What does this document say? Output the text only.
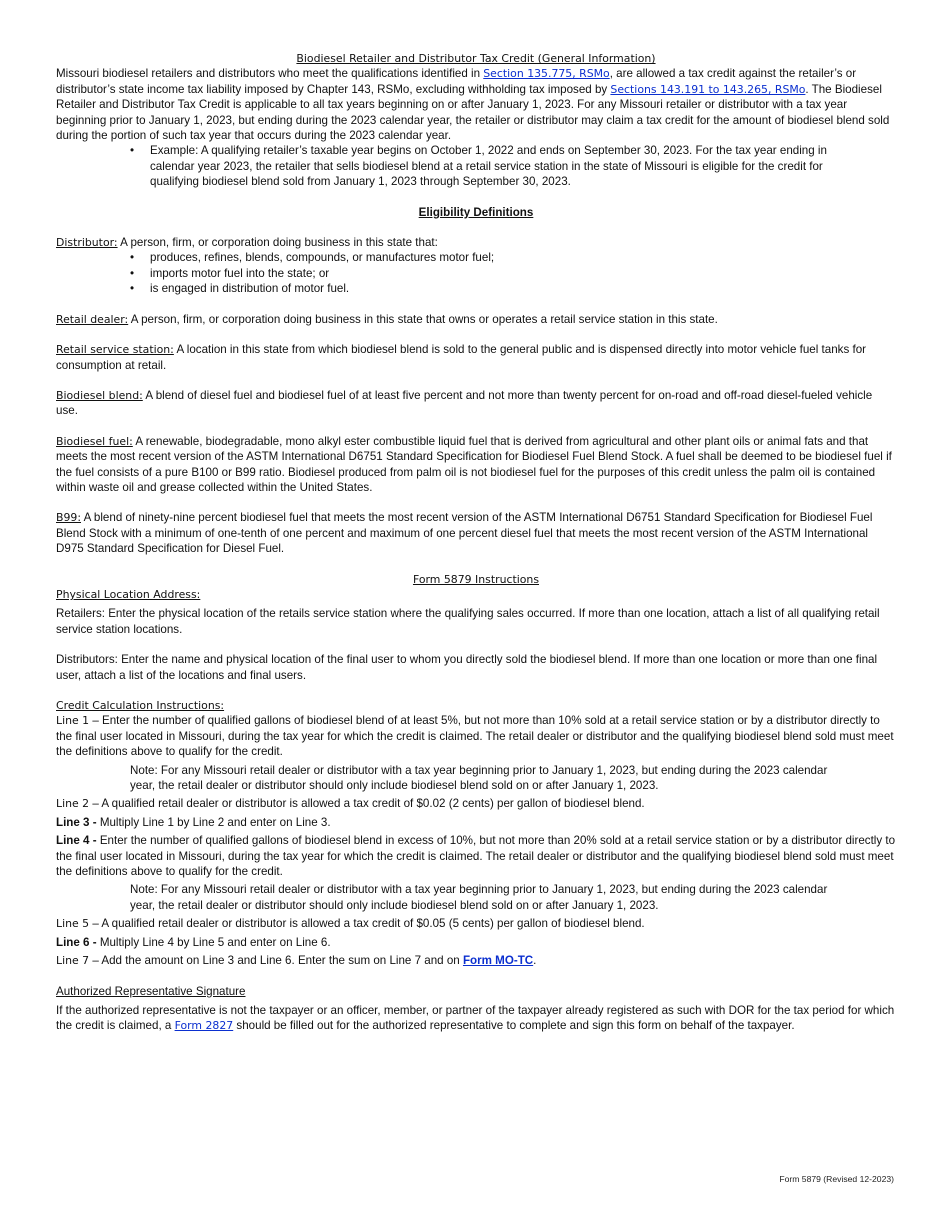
Biodiesel Retailer and Distributor Tax Credit (General Information)

Missouri biodiesel retailers and distributors who meet the qualifications identified in Section 135.775, RSMo, are allowed a tax credit against the retailer’s or distributor’s state income tax liability imposed by Chapter 143, RSMo, excluding withholding tax imposed by Sections 143.191 to 143.265, RSMo. The Biodiesel Retailer and Distributor Tax Credit is applicable to all tax years beginning on or after January 1, 2023. For any Missouri retailer or distributor with a tax year beginning prior to January 1, 2023, but ending during the 2023 calendar year, the retailer or distributor may claim a tax credit for the amount of biodiesel blend sold during the portion of such tax year that occurs during the 2023 calendar year.

• Example: A qualifying retailer’s taxable year begins on October 1, 2022 and ends on September 30, 2023. For the tax year ending in calendar year 2023, the retailer that sells biodiesel blend at a retail service station in the state of Missouri is eligible for the credit for qualifying biodiesel blend sold from January 1, 2023 through September 30, 2023.

Eligibility Definitions

Distributor: A person, firm, or corporation doing business in this state that:

• produces, refines, blends, compounds, or manufactures motor fuel;
• imports motor fuel into the state; or
• is engaged in distribution of motor fuel.

Retail dealer: A person, firm, or corporation doing business in this state that owns or operates a retail service station in this state.

Retail service station: A location in this state from which biodiesel blend is sold to the general public and is dispensed directly into motor vehicle fuel tanks for consumption at retail.

Biodiesel blend: A blend of diesel fuel and biodiesel fuel of at least five percent and not more than twenty percent for on-road and off-road diesel-fueled vehicle use.

Biodiesel fuel: A renewable, biodegradable, mono alkyl ester combustible liquid fuel that is derived from agricultural and other plant oils or animal fats and that meets the most recent version of the ASTM International D6751 Standard Specification for Biodiesel Fuel Blend Stock. A fuel shall be deemed to be biodiesel fuel if the fuel consists of a pure B100 or B99 ratio. Biodiesel produced from palm oil is not biodiesel fuel for the purposes of this credit unless the palm oil is contained within waste oil and grease collected within the United States.

B99: A blend of ninety-nine percent biodiesel fuel that meets the most recent version of the ASTM International D6751 Standard Specification for Biodiesel Fuel Blend Stock with a minimum of one-tenth of one percent and maximum of one percent diesel fuel that meets the most recent version of the ASTM International D975 Standard Specification for Diesel Fuel.

Form 5879 Instructions

Physical Location Address:

Retailers: Enter the physical location of the retails service station where the qualifying sales occurred. If more than one location, attach a list of all qualifying retail service station locations.

Distributors: Enter the name and physical location of the final user to whom you directly sold the biodiesel blend. If more than one location or more than one final user, attach a list of the locations and final users.

Credit Calculation Instructions:

Line 1 – Enter the number of qualified gallons of biodiesel blend of at least 5%, but not more than 10% sold at a retail service station or by a distributor directly to the final user located in Missouri, during the tax year for which the credit is claimed. The retail dealer or distributor and the qualifying biodiesel blend sold must meet the definitions above to qualify for the credit.

Note: For any Missouri retail dealer or distributor with a tax year beginning prior to January 1, 2023, but ending during the 2023 calendar year, the retail dealer or distributor should only include biodiesel blend sold on or after January 1, 2023.

Line 2 – A qualified retail dealer or distributor is allowed a tax credit of $0.02 (2 cents) per gallon of biodiesel blend.

Line 3 - Multiply Line 1 by Line 2 and enter on Line 3.

Line 4 - Enter the number of qualified gallons of biodiesel blend in excess of 10%, but not more than 20% sold at a retail service station or by a distributor directly to the final user located in Missouri, during the tax year for which the credit is claimed. The retail dealer or distributor and the qualifying biodiesel blend sold must meet the definitions above to qualify for the credit.

Note: For any Missouri retail dealer or distributor with a tax year beginning prior to January 1, 2023, but ending during the 2023 calendar year, the retail dealer or distributor should only include biodiesel blend sold on or after January 1, 2023.

Line 5 – A qualified retail dealer or distributor is allowed a tax credit of $0.05 (5 cents) per gallon of biodiesel blend.

Line 6 - Multiply Line 4 by Line 5 and enter on Line 6.

Line 7 – Add the amount on Line 3 and Line 6. Enter the sum on Line 7 and on Form MO-TC.

Authorized Representative Signature

If the authorized representative is not the taxpayer or an officer, member, or partner of the taxpayer already registered as such with DOR for the tax period for which the credit is claimed, a Form 2827 should be filled out for the authorized representative to complete and sign this form on behalf of the taxpayer.

Form 5879 (Revised 12-2023)
